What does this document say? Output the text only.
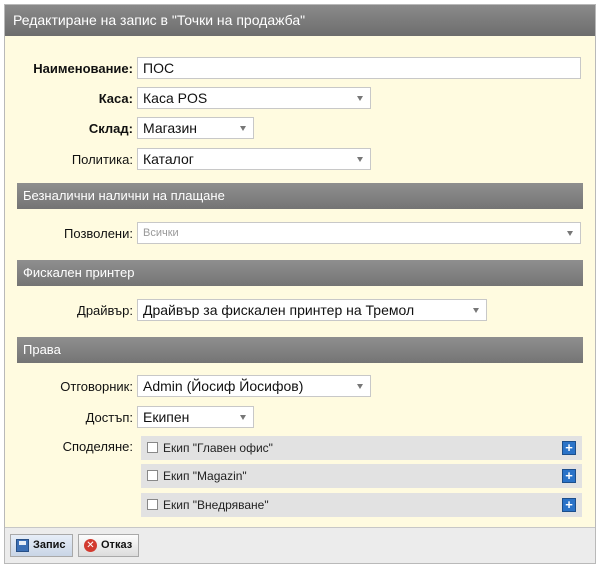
Редактиране на запис в "Точки на продажба"
Наименование: ПОС
Каса: Каса POS
Склад: Магазин
Политика: Каталог
Безналични налични на плащане
Позволени: Всички
Фискален принтер
Драйвър: Драйвър за фискален принтер на Тремол
Права
Отговорник: Admin (Йосиф Йосифов)
Достъп: Екипен
Споделяне:	Екип "Главен офис"	+
Екип "Magazin"	+
Екип "Внедряване"	+
Запис	✕ Отказ
